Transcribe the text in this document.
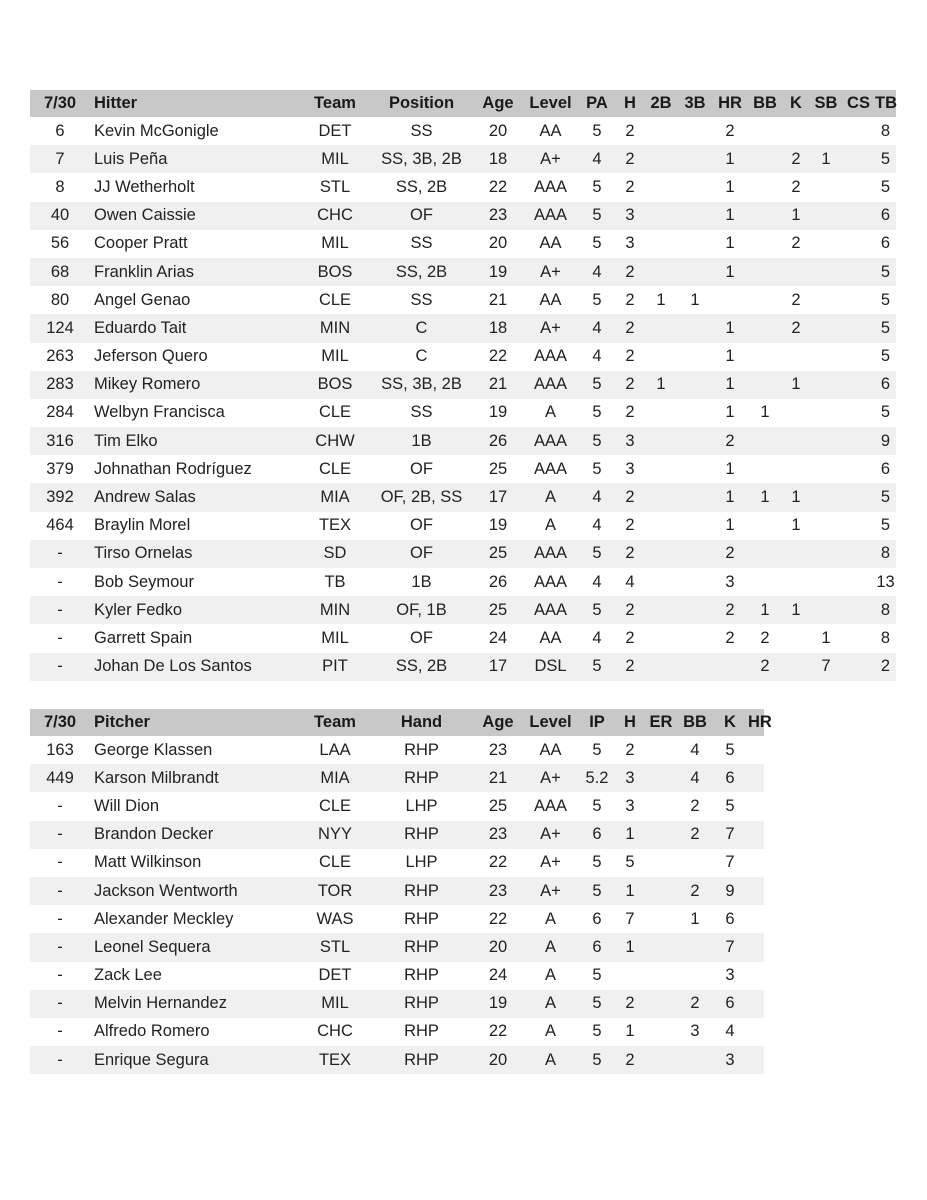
7/30	Hitter	Team	Position	Age	Level	PA	H	2B	3B	HR	BB	K	SB	CS	TB
6	Kevin McGonigle	DET	SS	20	AA	5	2			2					8
7	Luis Peña	MIL	SS, 3B, 2B	18	A+	4	2			1		2	1		5
8	JJ Wetherholt	STL	SS, 2B	22	AAA	5	2			1		2			5
40	Owen Caissie	CHC	OF	23	AAA	5	3			1		1			6
56	Cooper Pratt	MIL	SS	20	AA	5	3			1		2			6
68	Franklin Arias	BOS	SS, 2B	19	A+	4	2			1					5
80	Angel Genao	CLE	SS	21	AA	5	2	1	1			2			5
124	Eduardo Tait	MIN	C	18	A+	4	2			1		2			5
263	Jeferson Quero	MIL	C	22	AAA	4	2			1					5
283	Mikey Romero	BOS	SS, 3B, 2B	21	AAA	5	2	1		1		1			6
284	Welbyn Francisca	CLE	SS	19	A	5	2			1	1				5
316	Tim Elko	CHW	1B	26	AAA	5	3			2					9
379	Johnathan Rodríguez	CLE	OF	25	AAA	5	3			1					6
392	Andrew Salas	MIA	OF, 2B, SS	17	A	4	2			1	1	1			5
464	Braylin Morel	TEX	OF	19	A	4	2			1		1			5
-	Tirso Ornelas	SD	OF	25	AAA	5	2			2					8
-	Bob Seymour	TB	1B	26	AAA	4	4			3					13
-	Kyler Fedko	MIN	OF, 1B	25	AAA	5	2			2	1	1			8
-	Garrett Spain	MIL	OF	24	AA	4	2			2	2		1		8
-	Johan De Los Santos	PIT	SS, 2B	17	DSL	5	2				2		7		2
7/30	Pitcher	Team	Hand	Age	Level	IP	H	ER	BB	K	HR
163	George Klassen	LAA	RHP	23	AA	5	2		4	5	
449	Karson Milbrandt	MIA	RHP	21	A+	5.2	3		4	6	
-	Will Dion	CLE	LHP	25	AAA	5	3		2	5	
-	Brandon Decker	NYY	RHP	23	A+	6	1		2	7	
-	Matt Wilkinson	CLE	LHP	22	A+	5	5			7	
-	Jackson Wentworth	TOR	RHP	23	A+	5	1		2	9	
-	Alexander Meckley	WAS	RHP	22	A	6	7		1	6	
-	Leonel Sequera	STL	RHP	20	A	6	1			7	
-	Zack Lee	DET	RHP	24	A	5				3	
-	Melvin Hernandez	MIL	RHP	19	A	5	2		2	6	
-	Alfredo Romero	CHC	RHP	22	A	5	1		3	4	
-	Enrique Segura	TEX	RHP	20	A	5	2			3	
